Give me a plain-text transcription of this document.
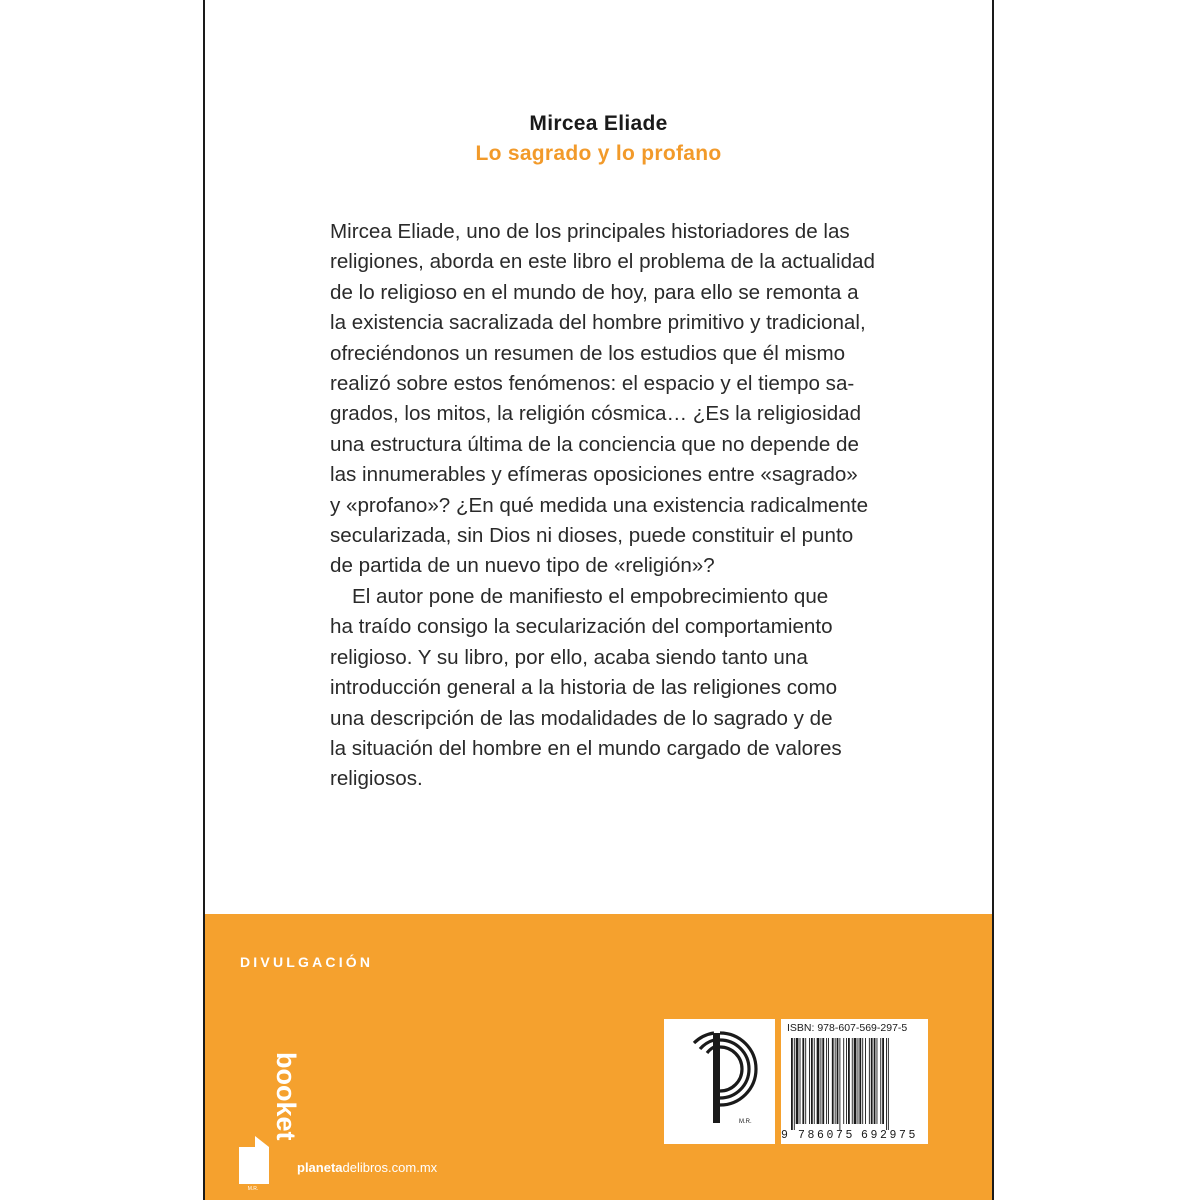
Mircea Eliade
Lo sagrado y lo profano
Mircea Eliade, uno de los principales historiadores de las
religiones, aborda en este libro el problema de la actualidad
de lo religioso en el mundo de hoy, para ello se remonta a
la existencia sacralizada del hombre primitivo y tradicional,
ofreciéndonos un resumen de los estudios que él mismo
realizó sobre estos fenómenos: el espacio y el tiempo sa-
grados, los mitos, la religión cósmica… ¿Es la religiosidad
una estructura última de la conciencia que no depende de
las innumerables y efímeras oposiciones entre «sagrado»
y «profano»? ¿En qué medida una existencia radicalmente
secularizada, sin Dios ni dioses, puede constituir el punto
de partida de un nuevo tipo de «religión»?
El autor pone de manifiesto el empobrecimiento que
ha traído consigo la secularización del comportamiento
religioso. Y su libro, por ello, acaba siendo tanto una
introducción general a la historia de las religiones como
una descripción de las modalidades de lo sagrado y de
la situación del hombre en el mundo cargado de valores
religiosos.
DIVULGACIÓN
booket
M.R.
planetadelibros.com.mx
M.R.
ISBN: 978-607-569-297-5
9 786075 692975
